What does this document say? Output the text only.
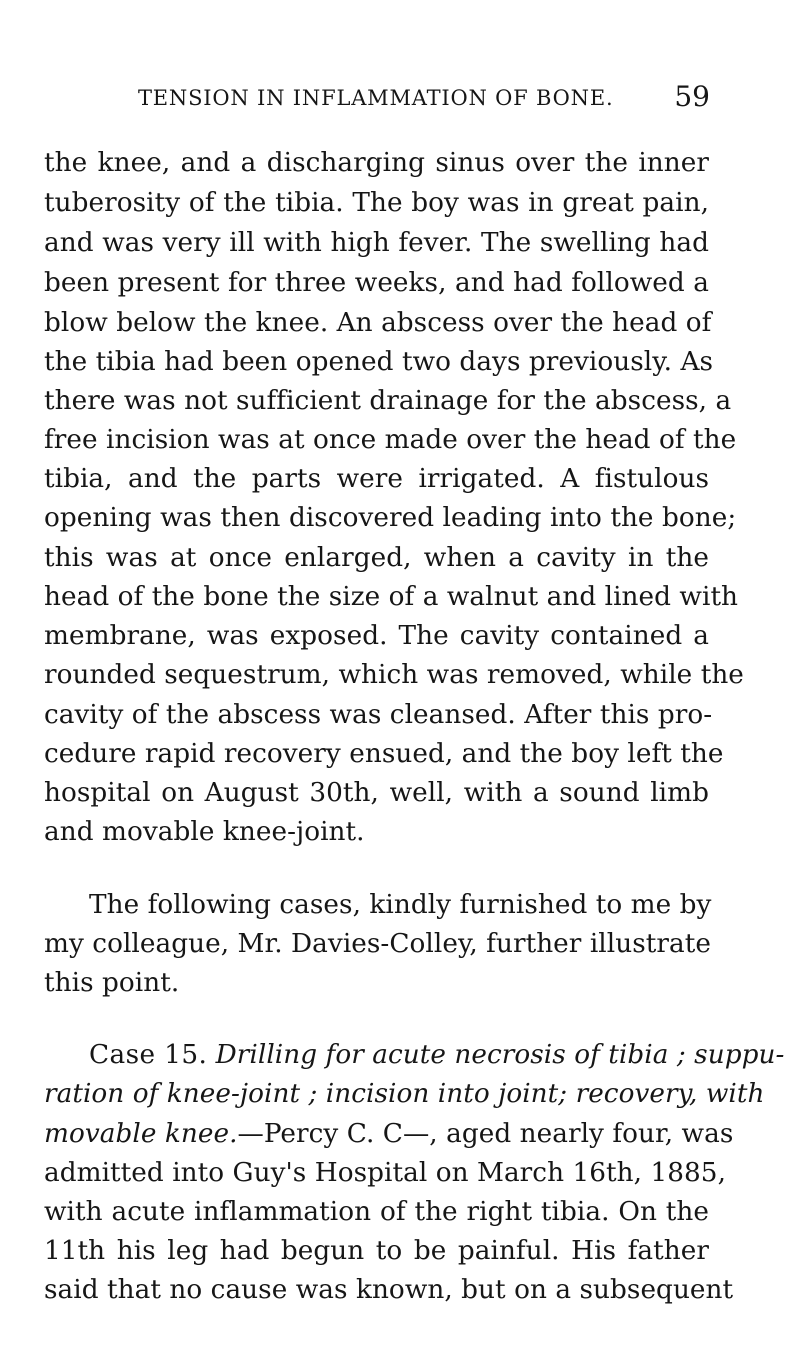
TENSION IN INFLAMMATION OF BONE. 59
the knee, and a discharging sinus over the inner
tuberosity of the tibia. The boy was in great pain,
and was very ill with high fever. The swelling had
been present for three weeks, and had followed a
blow below the knee. An abscess over the head of
the tibia had been opened two days previously. As
there was not sufficient drainage for the abscess, a
free incision was at once made over the head of the
tibia, and the parts were irrigated. A fistulous
opening was then discovered leading into the bone;
this was at once enlarged, when a cavity in the
head of the bone the size of a walnut and lined with
membrane, was exposed. The cavity contained a
rounded sequestrum, which was removed, while the
cavity of the abscess was cleansed. After this pro-
cedure rapid recovery ensued, and the boy left the
hospital on August 30th, well, with a sound limb
and movable knee-joint.
The following cases, kindly furnished to me by
my colleague, Mr. Davies-Colley, further illustrate
this point.
Case 15. Drilling for acute necrosis of tibia ; suppu-
ration of knee-joint ; incision into joint; recovery, with
movable knee.—Percy C. C—, aged nearly four, was
admitted into Guy's Hospital on March 16th, 1885,
with acute inflammation of the right tibia. On the
11th his leg had begun to be painful. His father
said that no cause was known, but on a subsequent
